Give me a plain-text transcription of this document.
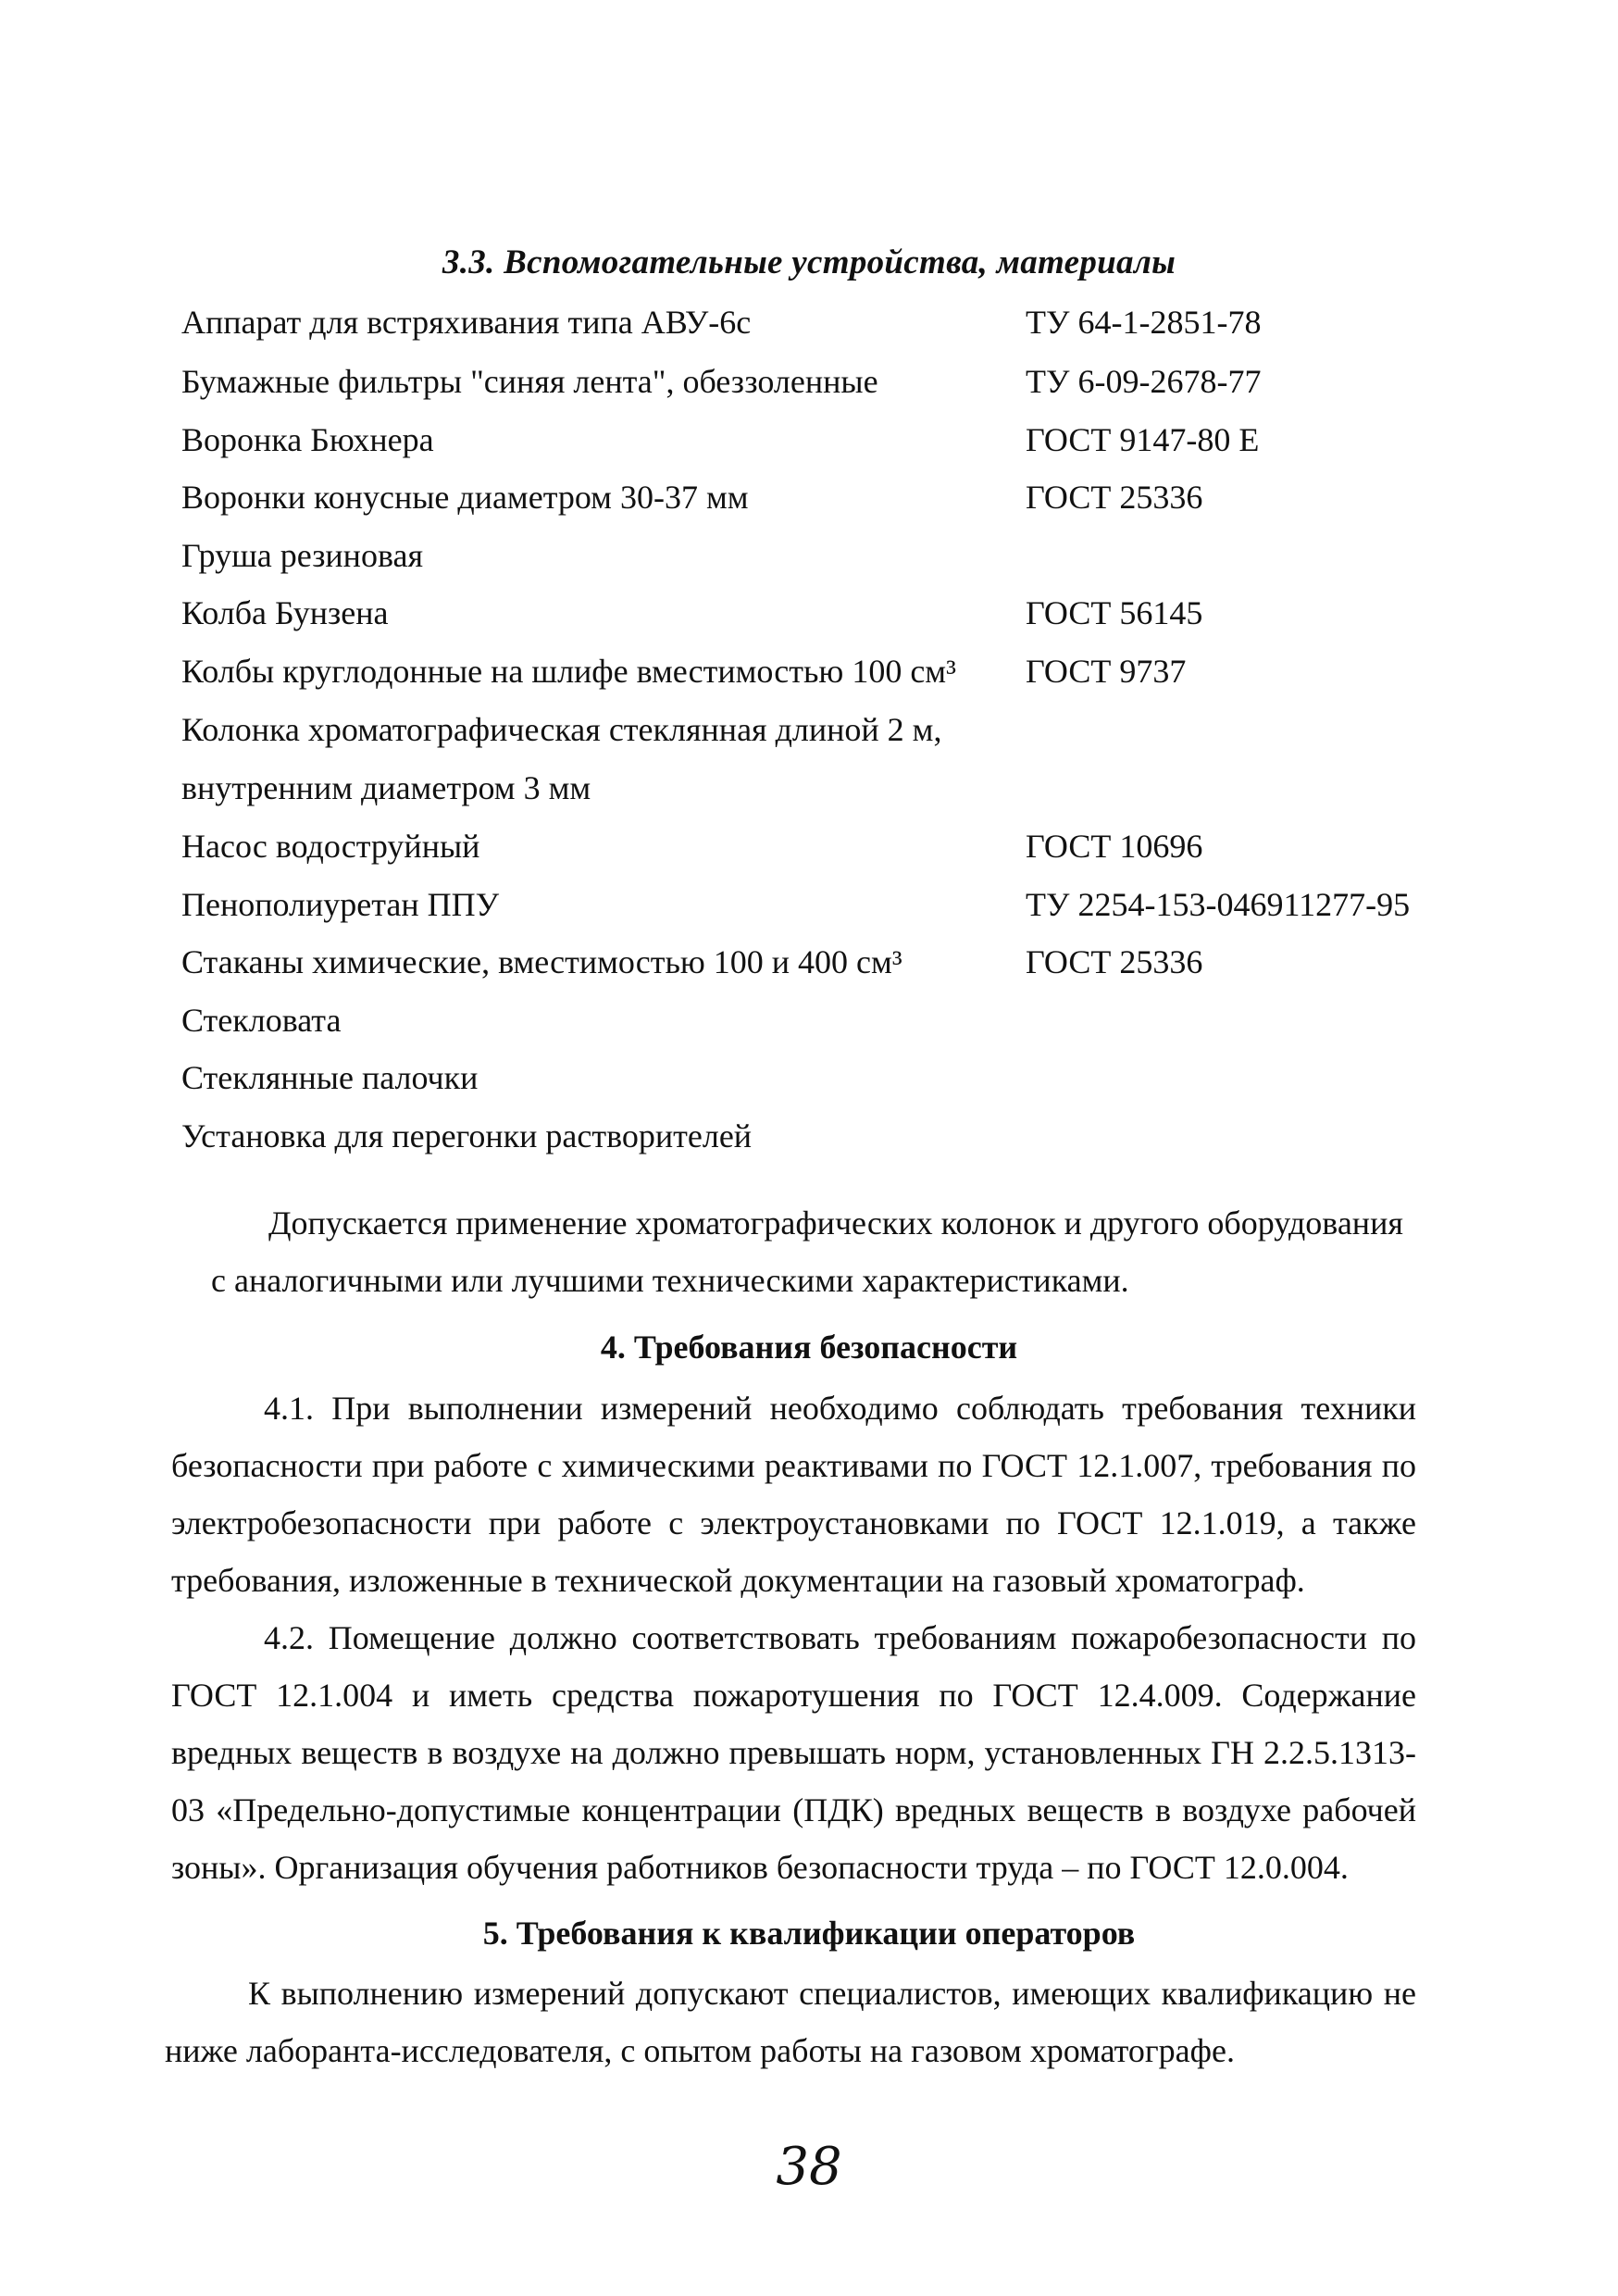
3.3. Вспомогательные устройства, материалы
Аппарат для встряхивания типа АВУ-6с	ТУ 64-1-2851-78
Бумажные фильтры "синяя лента", обеззоленные	ТУ 6-09-2678-77
Воронка Бюхнера	ГОСТ 9147-80 Е
Воронки конусные диаметром 30-37 мм	ГОСТ 25336
Груша резиновая
Колба Бунзена	ГОСТ 56145
Колбы круглодонные на шлифе вместимостью 100 см³ ГОСТ 9737
Колонка хроматографическая стеклянная длиной 2 м,
внутренним диаметром 3 мм
Насос водоструйный	ГОСТ 10696
Пенополиуретан ППУ	ТУ 2254-153-046911277-95
Стаканы химические, вместимостью 100 и 400 см³	ГОСТ 25336
Стекловата
Стеклянные палочки
Установка для перегонки растворителей
Допускается применение хроматографических колонок и другого оборудования
с аналогичными или лучшими техническими характеристиками.
4. Требования безопасности
4.1. При выполнении измерений необходимо соблюдать требования техники
безопасности при работе с химическими реактивами по ГОСТ 12.1.007, требования по
электробезопасности при работе с электроустановками по ГОСТ 12.1.019, а также
требования, изложенные в технической документации на газовый хроматограф.
4.2. Помещение должно соответствовать требованиям пожаробезопасности по
ГОСТ 12.1.004 и иметь средства пожаротушения по ГОСТ 12.4.009. Содержание
вредных веществ в воздухе на должно превышать норм, установленных ГН 2.2.5.1313-
03 «Предельно-допустимые концентрации (ПДК) вредных веществ в воздухе рабочей
зоны». Организация обучения работников безопасности труда – по ГОСТ 12.0.004.
5. Требования к квалификации операторов
К выполнению измерений допускают специалистов, имеющих квалификацию не
ниже лаборанта-исследователя, с опытом работы на газовом хроматографе.
38
